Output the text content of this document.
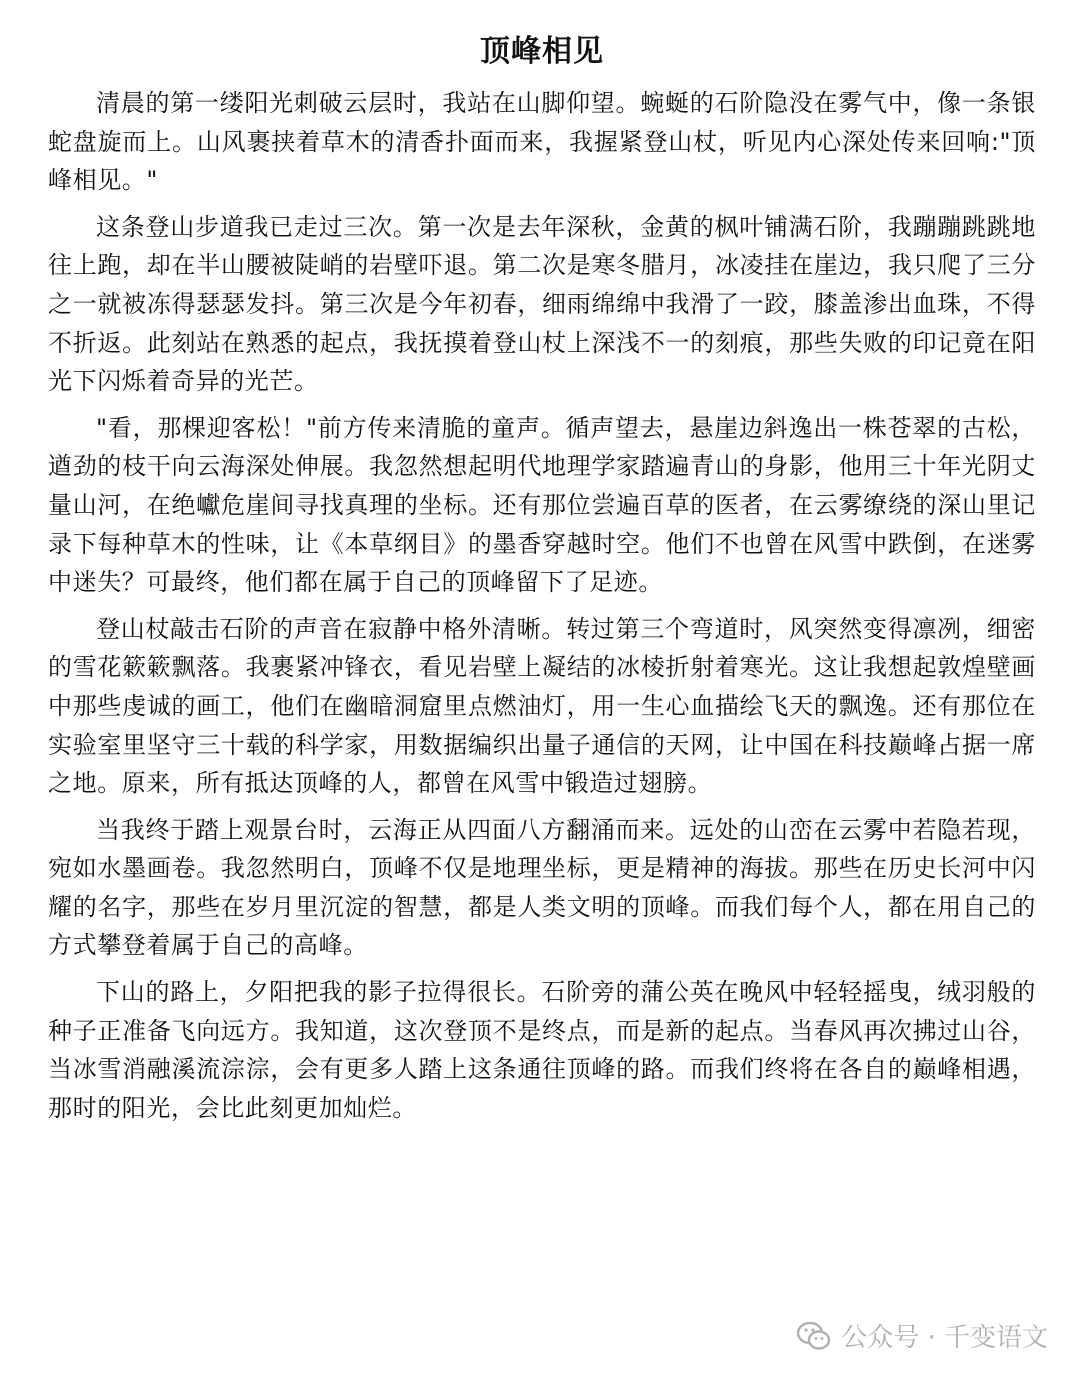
顶峰相见

清晨的第一缕阳光刺破云层时，我站在山脚仰望。蜿蜒的石阶隐没在雾气中，像一条银蛇盘旋而上。山风裹挟着草木的清香扑面而来，我握紧登山杖，听见内心深处传来回响:"顶峰相见。"

这条登山步道我已走过三次。第一次是去年深秋，金黄的枫叶铺满石阶，我蹦蹦跳跳地往上跑，却在半山腰被陡峭的岩壁吓退。第二次是寒冬腊月，冰凌挂在崖边，我只爬了三分之一就被冻得瑟瑟发抖。第三次是今年初春，细雨绵绵中我滑了一跤，膝盖渗出血珠，不得不折返。此刻站在熟悉的起点，我抚摸着登山杖上深浅不一的刻痕，那些失败的印记竟在阳光下闪烁着奇异的光芒。

"看，那棵迎客松！"前方传来清脆的童声。循声望去，悬崖边斜逸出一株苍翠的古松，遒劲的枝干向云海深处伸展。我忽然想起明代地理学家踏遍青山的身影，他用三十年光阴丈量山河，在绝巘危崖间寻找真理的坐标。还有那位尝遍百草的医者，在云雾缭绕的深山里记录下每种草木的性味，让《本草纲目》的墨香穿越时空。他们不也曾在风雪中跌倒，在迷雾中迷失？可最终，他们都在属于自己的顶峰留下了足迹。

登山杖敲击石阶的声音在寂静中格外清晰。转过第三个弯道时，风突然变得凛冽，细密的雪花簌簌飘落。我裹紧冲锋衣，看见岩壁上凝结的冰棱折射着寒光。这让我想起敦煌壁画中那些虔诚的画工，他们在幽暗洞窟里点燃油灯，用一生心血描绘飞天的飘逸。还有那位在实验室里坚守三十载的科学家，用数据编织出量子通信的天网，让中国在科技巅峰占据一席之地。原来，所有抵达顶峰的人，都曾在风雪中锻造过翅膀。

当我终于踏上观景台时，云海正从四面八方翻涌而来。远处的山峦在云雾中若隐若现，宛如水墨画卷。我忽然明白，顶峰不仅是地理坐标，更是精神的海拔。那些在历史长河中闪耀的名字，那些在岁月里沉淀的智慧，都是人类文明的顶峰。而我们每个人，都在用自己的方式攀登着属于自己的高峰。

下山的路上，夕阳把我的影子拉得很长。石阶旁的蒲公英在晚风中轻轻摇曳，绒羽般的种子正准备飞向远方。我知道，这次登顶不是终点，而是新的起点。当春风再次拂过山谷，当冰雪消融溪流淙淙，会有更多人踏上这条通往顶峰的路。而我们终将在各自的巅峰相遇，那时的阳光，会比此刻更加灿烂。

公众号 · 千变语文
